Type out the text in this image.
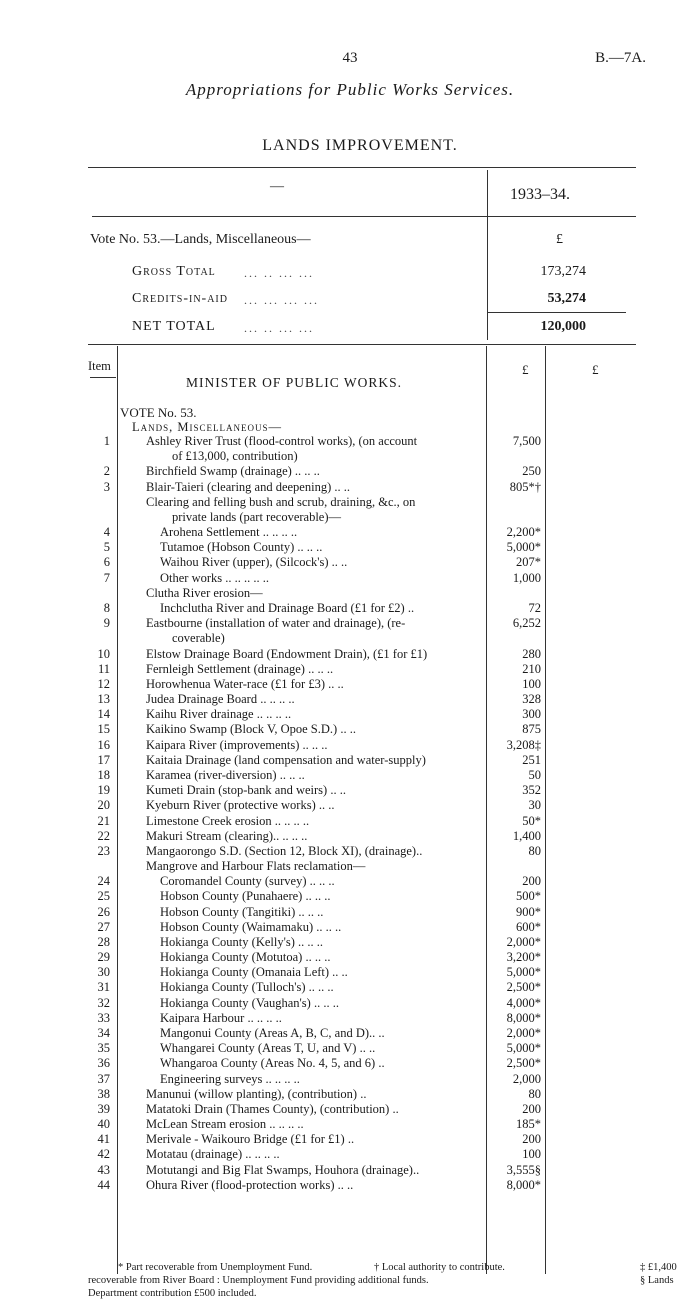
43	B.—7A.
Appropriations for Public Works Services.
LANDS IMPROVEMENT.
—	1933–34.
Vote No. 53.—Lands, Miscellaneous—	£
Gross Total ... .. ... ...	173,274
Credits-in-aid ... ... ... ...	53,274
NET TOTAL ... .. ... ...	120,000
Item	£	£
MINISTER OF PUBLIC WORKS.
VOTE No. 53.
Lands, Miscellaneous—
1	Ashley River Trust (flood-control works), (on account	7,500
of £13,000, contribution)
2	Birchfield Swamp (drainage) .. .. ..	250
3	Blair-Taieri (clearing and deepening) .. ..	805*†
Clearing and felling bush and scrub, draining, &c., on
private lands (part recoverable)—
4	Arohena Settlement .. .. .. ..	2,200*
5	Tutamoe (Hobson County) .. .. ..	5,000*
6	Waihou River (upper), (Silcock's) .. ..	207*
7	Other works .. .. .. .. ..	1,000
Clutha River erosion—
8	Inchclutha River and Drainage Board (£1 for £2) ..	72
9	Eastbourne (installation of water and drainage), (re-	6,252
coverable)
10	Elstow Drainage Board (Endowment Drain), (£1 for £1)	280
11	Fernleigh Settlement (drainage) .. .. ..	210
12	Horowhenua Water-race (£1 for £3) .. ..	100
13	Judea Drainage Board .. .. .. ..	328
14	Kaihu River drainage .. .. .. ..	300
15	Kaikino Swamp (Block V, Opoe S.D.) .. ..	875
16	Kaipara River (improvements) .. .. ..	3,208‡
17	Kaitaia Drainage (land compensation and water-supply)	251
18	Karamea (river-diversion) .. .. ..	50
19	Kumeti Drain (stop-bank and weirs) .. ..	352
20	Kyeburn River (protective works) .. ..	30
21	Limestone Creek erosion .. .. .. ..	50*
22	Makuri Stream (clearing).. .. .. ..	1,400
23	Mangaorongo S.D. (Section 12, Block XI), (drainage)..	80
Mangrove and Harbour Flats reclamation—
24	Coromandel County (survey) .. .. ..	200
25	Hobson County (Punahaere) .. .. ..	500*
26	Hobson County (Tangitiki) .. .. ..	900*
27	Hobson County (Waimamaku) .. .. ..	600*
28	Hokianga County (Kelly's) .. .. ..	2,000*
29	Hokianga County (Motutoa) .. .. ..	3,200*
30	Hokianga County (Omanaia Left) .. ..	5,000*
31	Hokianga County (Tulloch's) .. .. ..	2,500*
32	Hokianga County (Vaughan's) .. .. ..	4,000*
33	Kaipara Harbour .. .. .. ..	8,000*
34	Mangonui County (Areas A, B, C, and D).. ..	2,000*
35	Whangarei County (Areas T, U, and V) .. ..	5,000*
36	Whangaroa County (Areas No. 4, 5, and 6) ..	2,500*
37	Engineering surveys .. .. .. ..	2,000
38	Manunui (willow planting), (contribution) ..	80
39	Matatoki Drain (Thames County), (contribution) ..	200
40	McLean Stream erosion .. .. .. ..	185*
41	Merivale - Waikouro Bridge (£1 for £1) ..	200
42	Motatau (drainage) .. .. .. ..	100
43	Motutangi and Big Flat Swamps, Houhora (drainage)..	3,555§
44	Ohura River (flood-protection works) .. ..	8,000*
* Part recoverable from Unemployment Fund.	† Local authority to contribute.	‡ £1,400
recoverable from River Board : Unemployment Fund providing additional funds.	§ Lands
Department contribution £500 included.
